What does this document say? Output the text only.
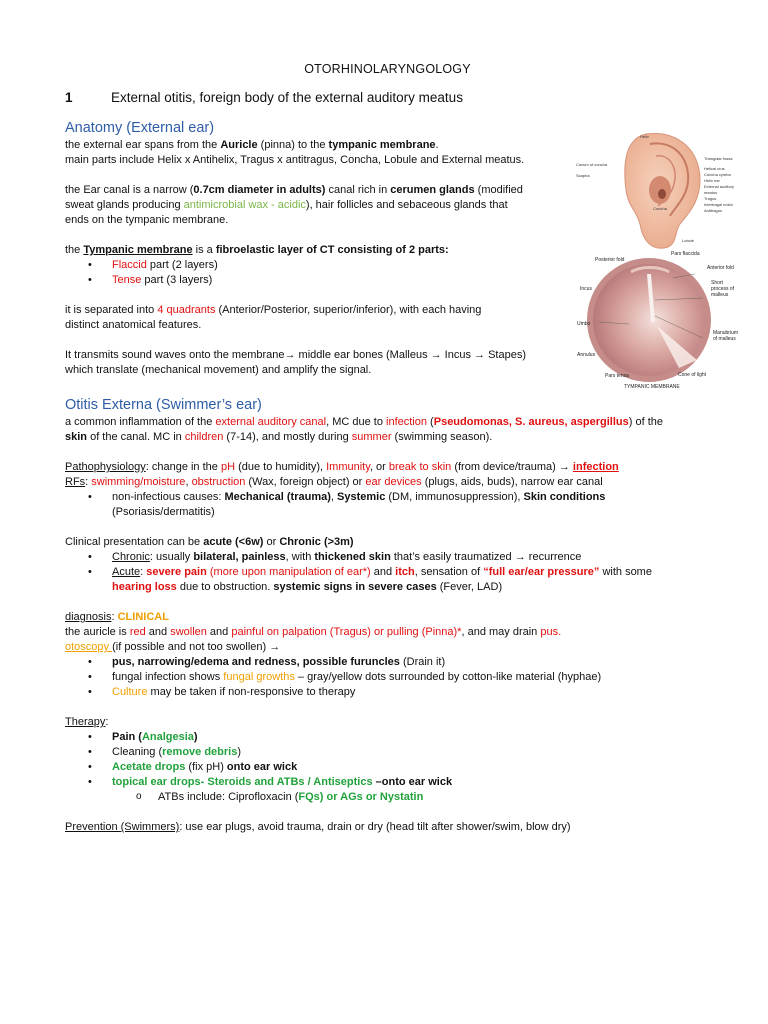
OTORHINOLARYNGOLOGY
1	External otitis, foreign body of the external auditory meatus
Anatomy (External ear)
the external ear spans from the Auricle (pinna) to the tympanic membrane.
main parts include Helix x Antihelix, Tragus x antitragus, Concha, Lobule and External meatus.
the Ear canal is a narrow (0.7cm diameter in adults) canal rich in cerumen glands (modified
sweat glands producing antimicrobial wax - acidic), hair follicles and sebaceous glands that
ends on the tympanic membrane.
the Tympanic membrane is a fibroelastic layer of CT consisting of 2 parts:
• Flaccid part (2 layers)
• Tense part (3 layers)
it is separated into 4 quadrants (Anterior/Posterior, superior/inferior), with each having
distinct anatomical features.
It transmits sound waves onto the membrane→ middle ear bones (Malleus → Incus → Stapes)
which translate (mechanical movement) and amplify the signal.
Otitis Externa (Swimmer’s ear)
a common inflammation of the external auditory canal, MC due to infection (Pseudomonas, S. aureus, aspergillus) of the
skin of the canal. MC in children (7-14), and mostly during summer (swimming season).
Pathophysiology: change in the pH (due to humidity), Immunity, or break to skin (from device/trauma) → infection
RFs: swimming/moisture, obstruction (Wax, foreign object) or ear devices (plugs, aids, buds), narrow ear canal
• non-infectious causes: Mechanical (trauma), Systemic (DM, immunosuppression), Skin conditions
(Psoriasis/dermatitis)
Clinical presentation can be acute (<6w) or Chronic (>3m)
• Chronic: usually bilateral, painless, with thickened skin that’s easily traumatized → recurrence
• Acute: severe pain (more upon manipulation of ear*) and itch, sensation of “full ear/ear pressure” with some
hearing loss due to obstruction. systemic signs in severe cases (Fever, LAD)
diagnosis: CLINICAL
the auricle is red and swollen and painful on palpation (Tragus) or pulling (Pinna)*, and may drain pus.
otoscopy (if possible and not too swollen) →
• pus, narrowing/edema and redness, possible furuncles (Drain it)
• fungal infection shows fungal growths – gray/yellow dots surrounded by cotton-like material (hyphae)
• Culture may be taken if non-responsive to therapy
Therapy:
• Pain (Analgesia)
• Cleaning (remove debris)
• Acetate drops (fix pH) onto ear wick
• topical ear drops- Steroids and ATBs / Antiseptics –onto ear wick
o ATBs include: Ciprofloxacin (FQs) or AGs or Nystatin
Prevention (Swimmers): use ear plugs, avoid trauma, drain or dry (head tilt after shower/swim, blow dry)
Helix
Cavum of concha
Scapha
Concha
Lobule
Triangular fossa
Helical crus
Concha cymba
Helix ear
External auditory meatus
Tragus
Intertragal notch
Antitragus
Posterior fold
Pars flaccida
Anterior fold
Incus
Short process of malleus
Umbo
Manubrium of malleus
Annulus
Pars tensa	Cone of light
TYMPANIC MEMBRANE
